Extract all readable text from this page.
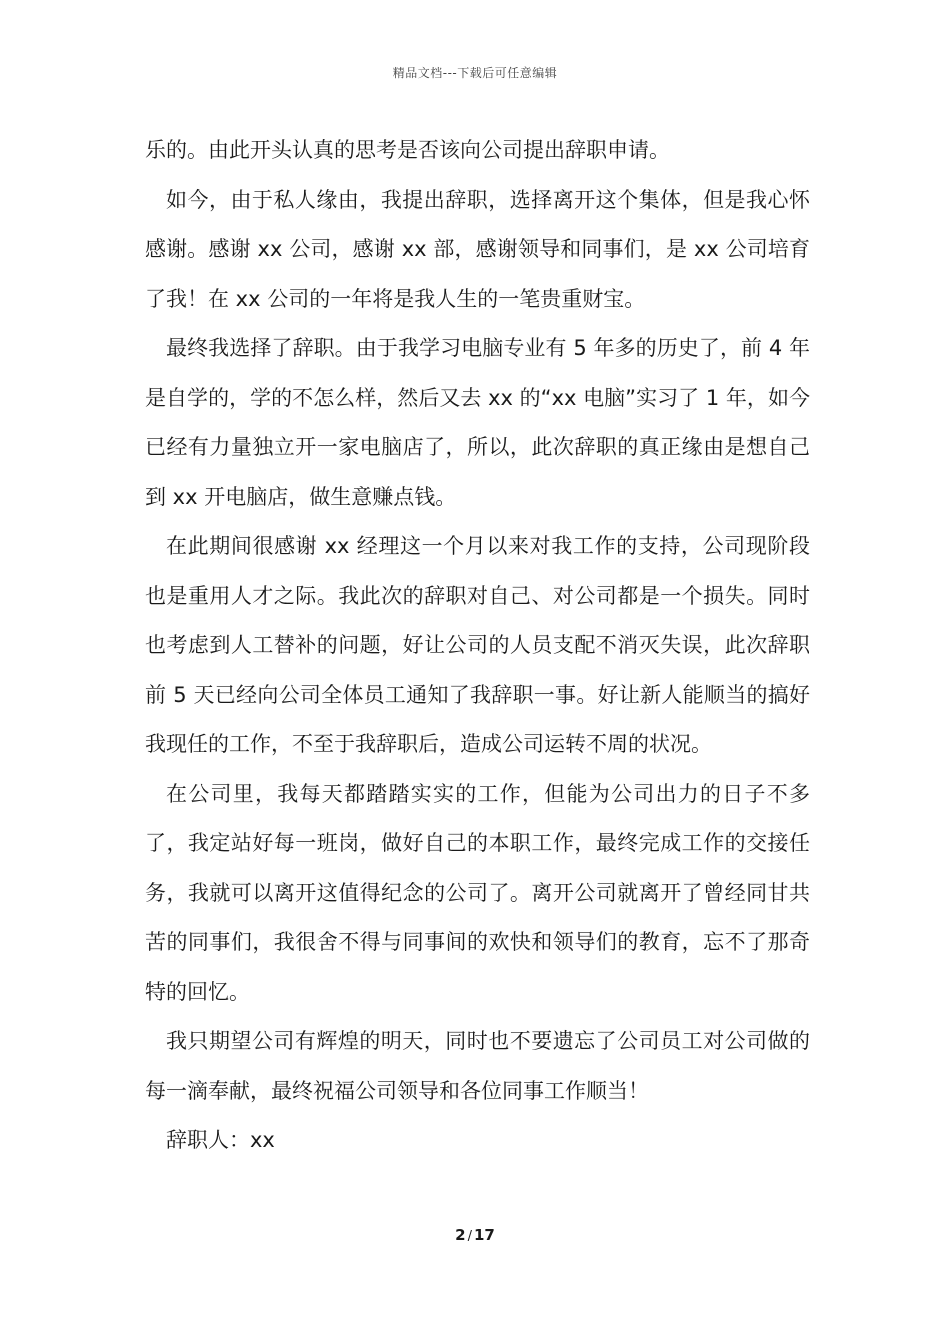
精品文档---下载后可任意编辑

乐的。由此开头认真的思考是否该向公司提出辞职申请。

如今，由于私人缘由，我提出辞职，选择离开这个集体，但是我心怀感谢。感谢 xx 公司，感谢 xx 部，感谢领导和同事们，是 xx 公司培育了我！在 xx 公司的一年将是我人生的一笔贵重财宝。

最终我选择了辞职。由于我学习电脑专业有 5 年多的历史了，前 4 年是自学的，学的不怎么样，然后又去 xx 的“xx 电脑”实习了 1 年，如今已经有力量独立开一家电脑店了，所以，此次辞职的真正缘由是想自己到 xx 开电脑店，做生意赚点钱。

在此期间很感谢 xx 经理这一个月以来对我工作的支持，公司现阶段也是重用人才之际。我此次的辞职对自己、对公司都是一个损失。同时也考虑到人工替补的问题，好让公司的人员支配不消灭失误，此次辞职前 5 天已经向公司全体员工通知了我辞职一事。好让新人能顺当的搞好我现任的工作，不至于我辞职后，造成公司运转不周的状况。

在公司里，我每天都踏踏实实的工作，但能为公司出力的日子不多了，我定站好每一班岗，做好自己的本职工作，最终完成工作的交接任务，我就可以离开这值得纪念的公司了。离开公司就离开了曾经同甘共苦的同事们，我很舍不得与同事间的欢快和领导们的教育，忘不了那奇特的回忆。

我只期望公司有辉煌的明天，同时也不要遗忘了公司员工对公司做的每一滴奉献，最终祝福公司领导和各位同事工作顺当！

辞职人：xx

2 / 17
